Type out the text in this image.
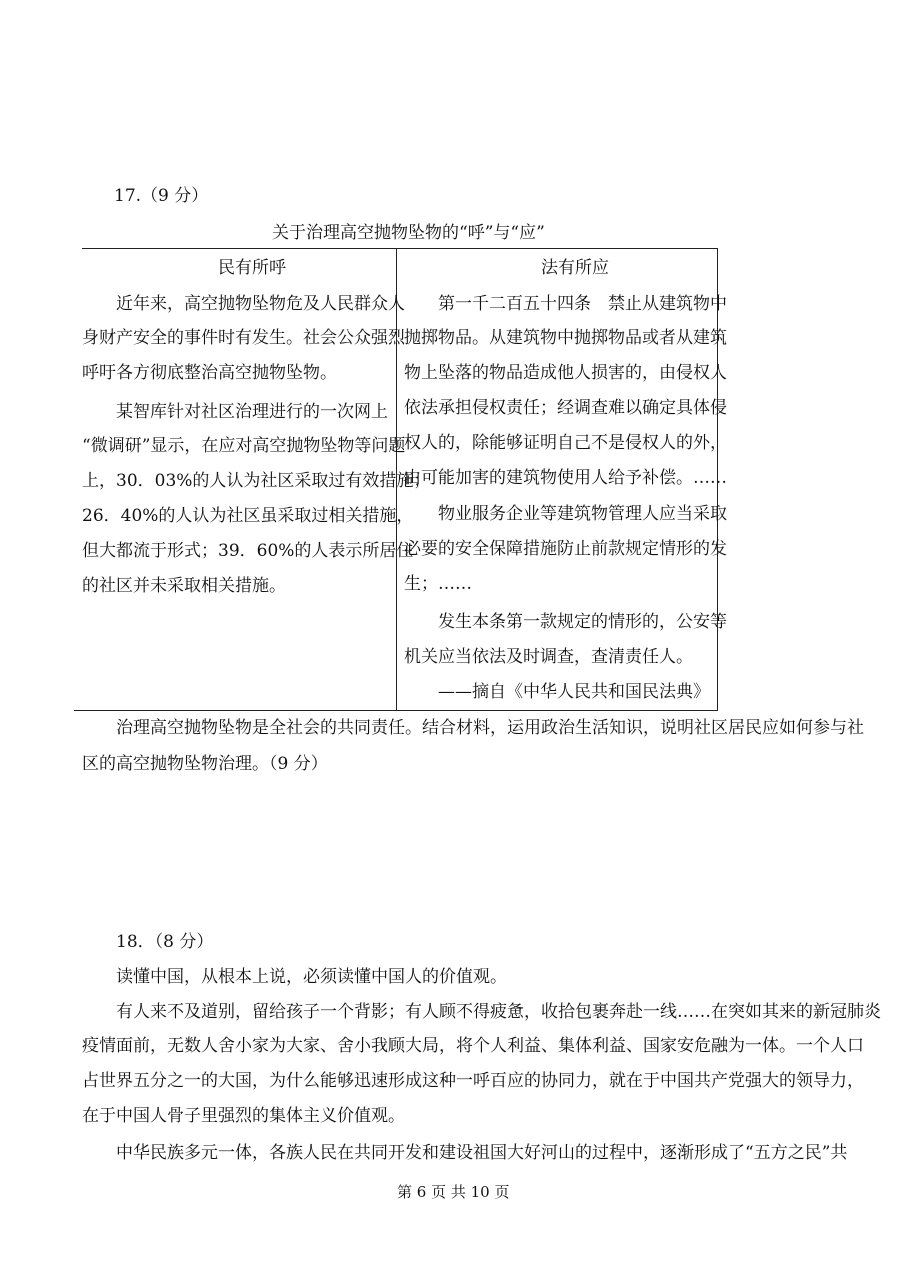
17.（9 分）
关于治理高空抛物坠物的“呼”与“应”
民有所呼	法有所应
近年来，高空抛物坠物危及人民群众人
身财产安全的事件时有发生。社会公众强烈
呼吁各方彻底整治高空抛物坠物。
某智库针对社区治理进行的一次网上
“微调研”显示，在应对高空抛物坠物等问题
上，30．03%的人认为社区采取过有效措施；
26．40%的人认为社区虽采取过相关措施，
但大都流于形式；39．60%的人表示所居住
的社区并未采取相关措施。
第一千二百五十四条　禁止从建筑物中
抛掷物品。从建筑物中抛掷物品或者从建筑
物上坠落的物品造成他人损害的，由侵权人
依法承担侵权责任；经调查难以确定具体侵
权人的，除能够证明自己不是侵权人的外，
由可能加害的建筑物使用人给予补偿。……
物业服务企业等建筑物管理人应当采取
必要的安全保障措施防止前款规定情形的发
生；……
发生本条第一款规定的情形的，公安等
机关应当依法及时调查，查清责任人。
——摘自《中华人民共和国民法典》
治理高空抛物坠物是全社会的共同责任。结合材料，运用政治生活知识，说明社区居民应如何参与社
区的高空抛物坠物治理。（9 分）
18．（8 分）
读懂中国，从根本上说，必须读懂中国人的价值观。
有人来不及道别，留给孩子一个背影；有人顾不得疲惫，收拾包裹奔赴一线……在突如其来的新冠肺炎
疫情面前，无数人舍小家为大家、舍小我顾大局，将个人利益、集体利益、国家安危融为一体。一个人口
占世界五分之一的大国，为什么能够迅速形成这种一呼百应的协同力，就在于中国共产党强大的领导力，
在于中国人骨子里强烈的集体主义价值观。
中华民族多元一体，各族人民在共同开发和建设祖国大好河山的过程中，逐渐形成了“五方之民”共
第 6 页 共 10 页
